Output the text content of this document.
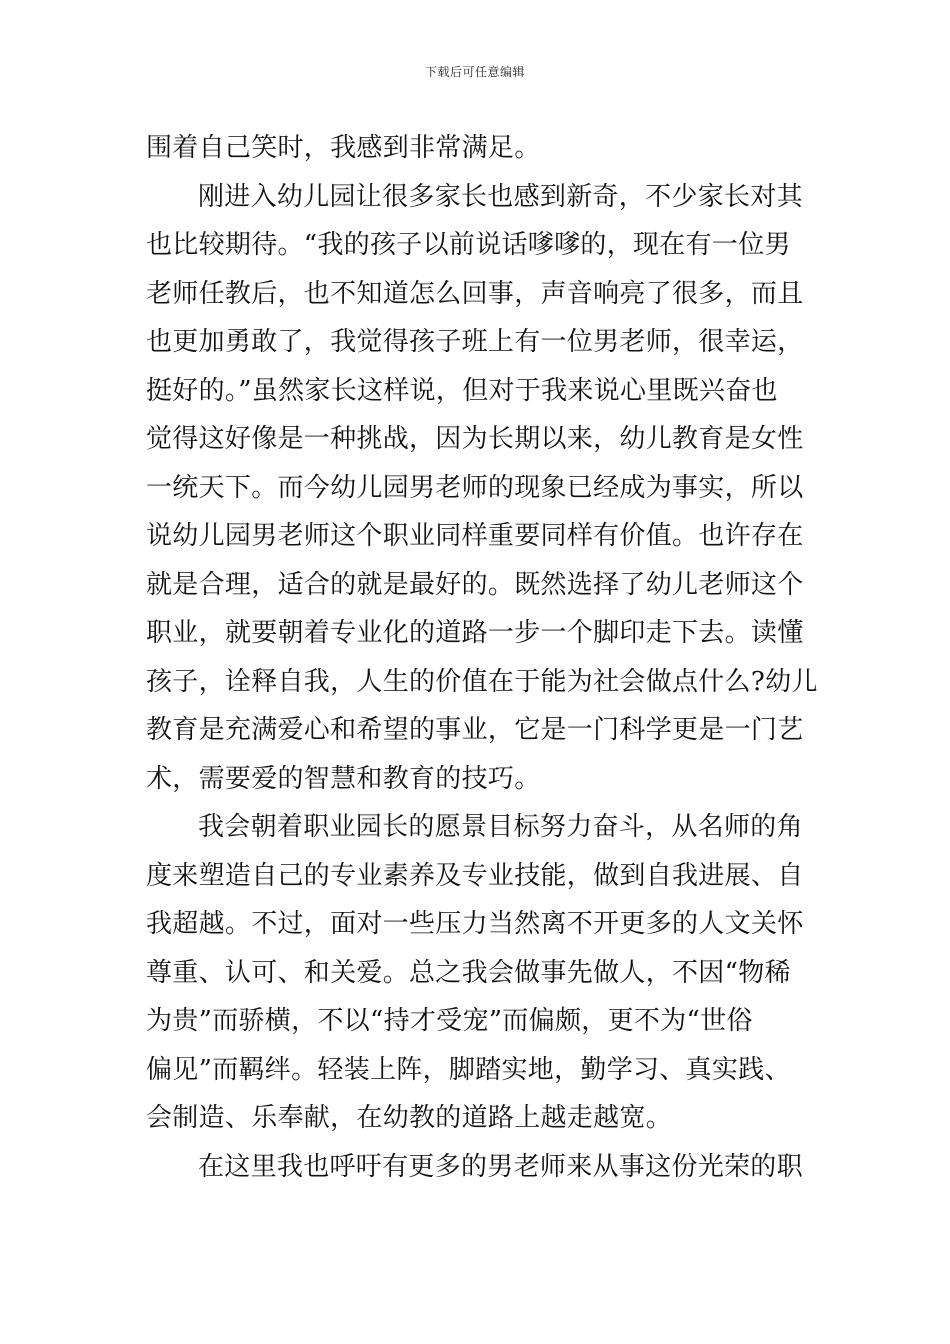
下载后可任意编辑
围着自己笑时，我感到非常满足。
刚进入幼儿园让很多家长也感到新奇，不少家长对其
也比较期待。“我的孩子以前说话嗲嗲的，现在有一位男
老师任教后，也不知道怎么回事，声音响亮了很多，而且
也更加勇敢了，我觉得孩子班上有一位男老师，很幸运，
挺好的。”虽然家长这样说，但对于我来说心里既兴奋也
觉得这好像是一种挑战，因为长期以来，幼儿教育是女性
一统天下。而今幼儿园男老师的现象已经成为事实，所以
说幼儿园男老师这个职业同样重要同样有价值。也许存在
就是合理，适合的就是最好的。既然选择了幼儿老师这个
职业，就要朝着专业化的道路一步一个脚印走下去。读懂
孩子，诠释自我，人生的价值在于能为社会做点什么?幼儿
教育是充满爱心和希望的事业，它是一门科学更是一门艺
术，需要爱的智慧和教育的技巧。
我会朝着职业园长的愿景目标努力奋斗，从名师的角
度来塑造自己的专业素养及专业技能，做到自我进展、自
我超越。不过，面对一些压力当然离不开更多的人文关怀
尊重、认可、和关爱。总之我会做事先做人，不因“物稀
为贵”而骄横，不以“持才受宠”而偏颇，更不为“世俗
偏见”而羁绊。轻装上阵，脚踏实地，勤学习、真实践、
会制造、乐奉献，在幼教的道路上越走越宽。
在这里我也呼吁有更多的男老师来从事这份光荣的职
